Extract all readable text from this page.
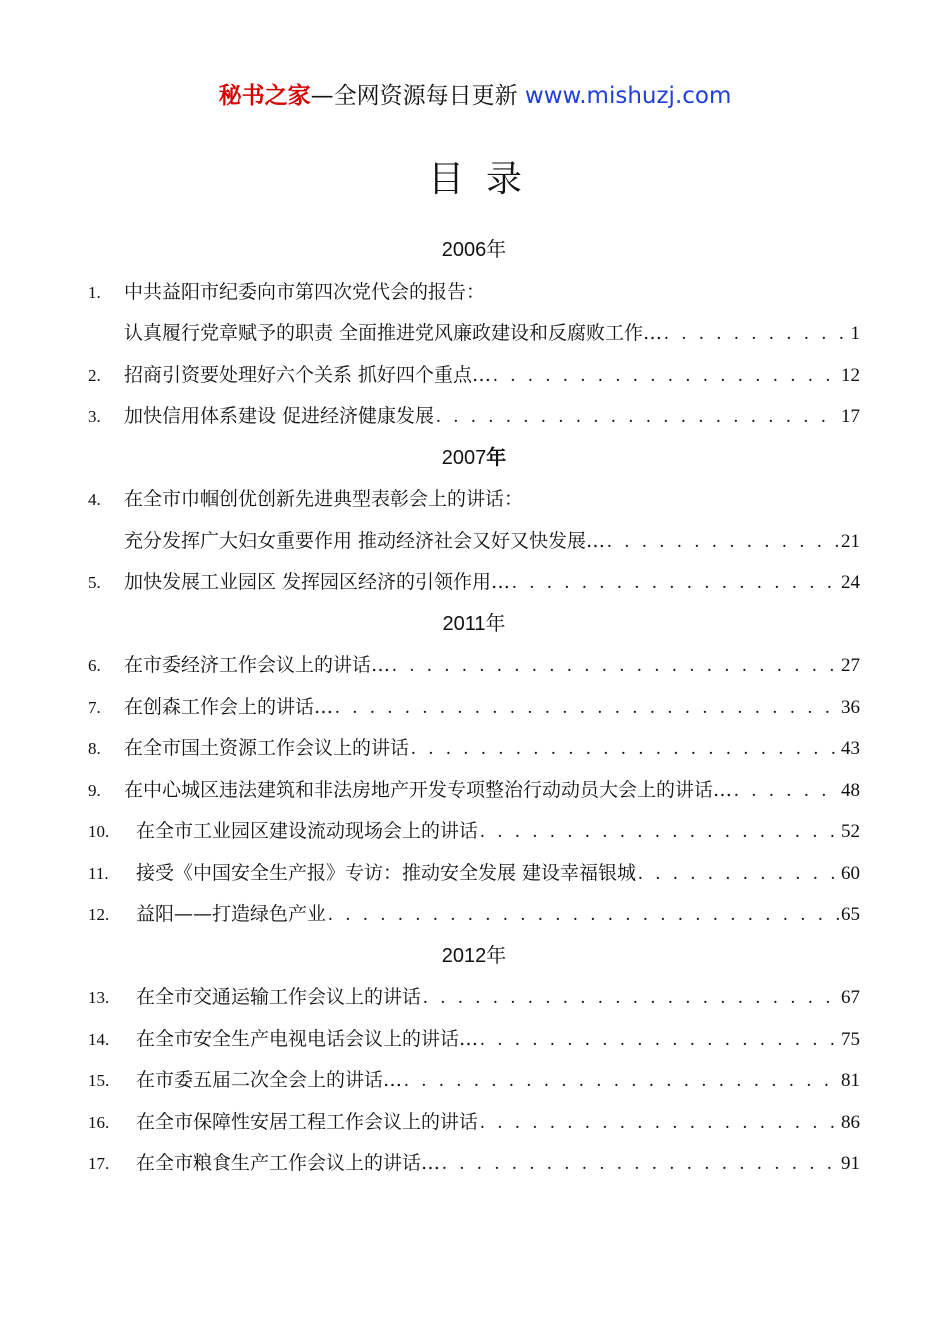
秘书之家—全网资源每日更新 www.mishuzj.com
目录
2006年
1.	中共益阳市纪委向市第四次党代会的报告：
认真履行党章赋予的职责 全面推进党风廉政建设和反腐败工作… . . .	1
2.	招商引资要处理好六个关系 抓好四个重点… . . .	12
3.	加快信用体系建设 促进经济健康发展 . . .	17
2007年
4.	在全市巾帼创优创新先进典型表彰会上的讲话：
充分发挥广大妇女重要作用 推动经济社会又好又快发展… . . .	21
5.	加快发展工业园区 发挥园区经济的引领作用… . . .	24
2011年
6.	在市委经济工作会议上的讲话… . . .	27
7.	在创森工作会上的讲话… . . .	36
8.	在全市国土资源工作会议上的讲话 . . .	43
9.	在中心城区违法建筑和非法房地产开发专项整治行动动员大会上的讲话… . . .	48
10.	在全市工业园区建设流动现场会上的讲话 . . .	52
11.	接受《中国安全生产报》专访：推动安全发展 建设幸福银城 . . .	60
12.	益阳——打造绿色产业 . . .	65
2012年
13.	在全市交通运输工作会议上的讲话 . . .	67
14.	在全市安全生产电视电话会议上的讲话… . . .	75
15.	在市委五届二次全会上的讲话… . . .	81
16.	在全市保障性安居工程工作会议上的讲话 . . .	86
17.	在全市粮食生产工作会议上的讲话… . . .	91
